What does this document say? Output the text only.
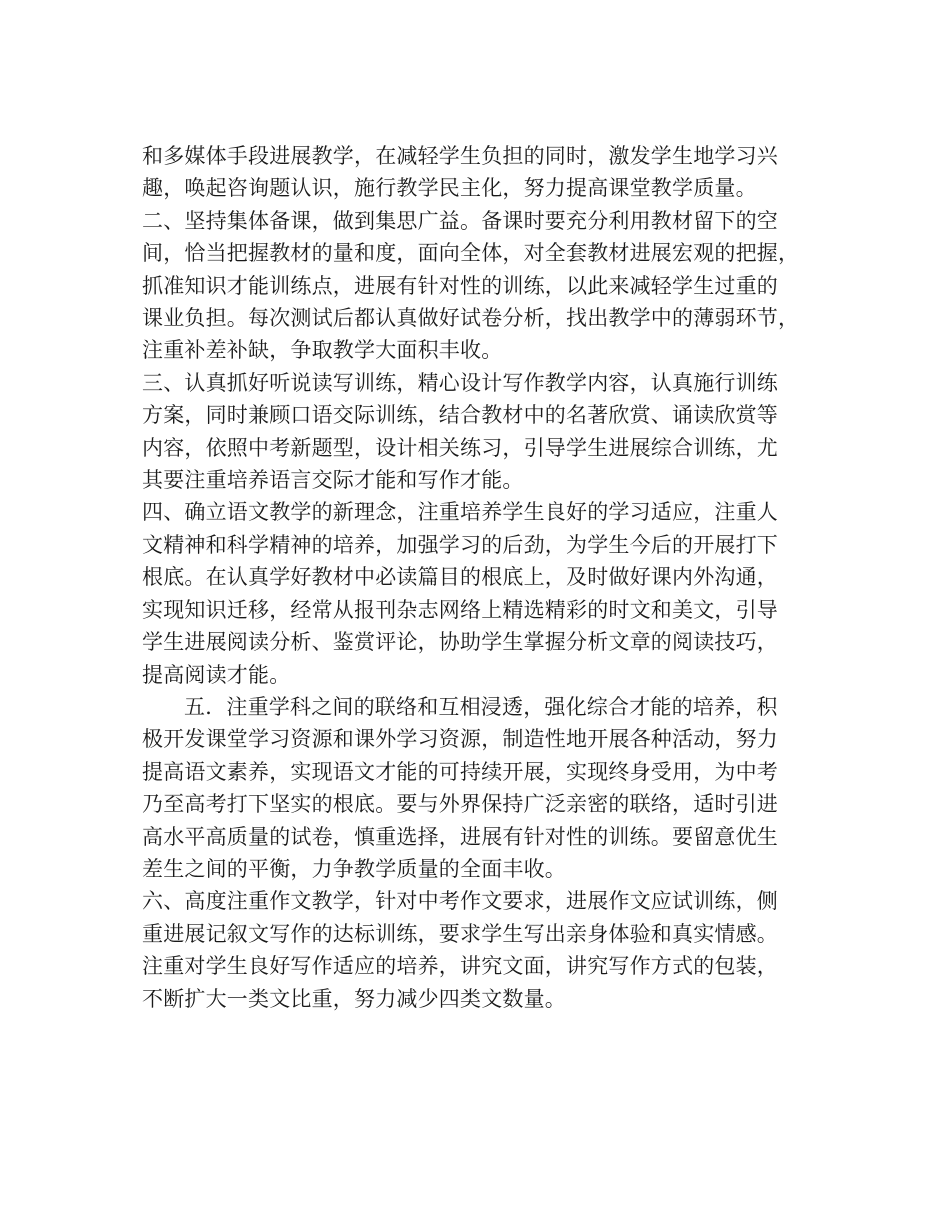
和多媒体手段进展教学，在减轻学生负担的同时，激发学生地学习兴
趣，唤起咨询题认识，施行教学民主化，努力提高课堂教学质量。
二、坚持集体备课，做到集思广益。备课时要充分利用教材留下的空
间，恰当把握教材的量和度，面向全体，对全套教材进展宏观的把握，
抓准知识才能训练点，进展有针对性的训练，以此来减轻学生过重的
课业负担。每次测试后都认真做好试卷分析，找出教学中的薄弱环节，
注重补差补缺，争取教学大面积丰收。
三、认真抓好听说读写训练，精心设计写作教学内容，认真施行训练
方案，同时兼顾口语交际训练，结合教材中的名著欣赏、诵读欣赏等
内容，依照中考新题型，设计相关练习，引导学生进展综合训练，尤
其要注重培养语言交际才能和写作才能。
四、确立语文教学的新理念，注重培养学生良好的学习适应，注重人
文精神和科学精神的培养，加强学习的后劲，为学生今后的开展打下
根底。在认真学好教材中必读篇目的根底上，及时做好课内外沟通，
实现知识迁移，经常从报刊杂志网络上精选精彩的时文和美文，引导
学生进展阅读分析、鉴赏评论，协助学生掌握分析文章的阅读技巧，
提高阅读才能。
五．注重学科之间的联络和互相浸透，强化综合才能的培养，积
极开发课堂学习资源和课外学习资源，制造性地开展各种活动，努力
提高语文素养，实现语文才能的可持续开展，实现终身受用，为中考
乃至高考打下坚实的根底。要与外界保持广泛亲密的联络，适时引进
高水平高质量的试卷，慎重选择，进展有针对性的训练。要留意优生
差生之间的平衡，力争教学质量的全面丰收。
六、高度注重作文教学，针对中考作文要求，进展作文应试训练，侧
重进展记叙文写作的达标训练，要求学生写出亲身体验和真实情感。
注重对学生良好写作适应的培养，讲究文面，讲究写作方式的包装，
不断扩大一类文比重，努力减少四类文数量。
